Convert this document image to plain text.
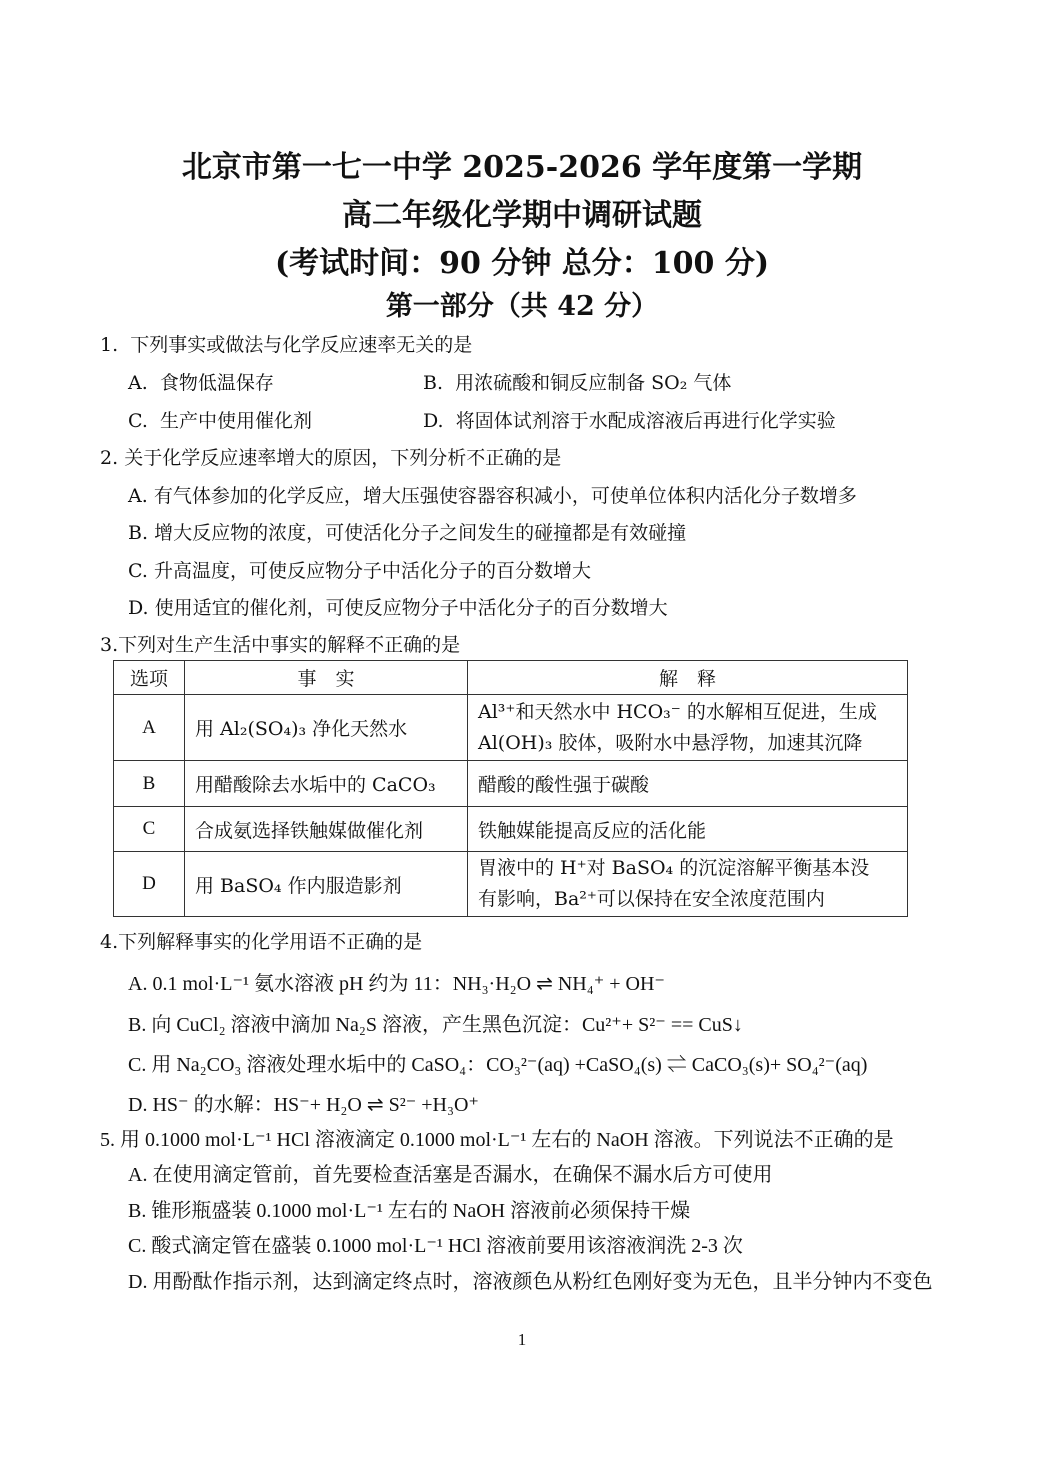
北京市第一七一中学 2025-2026 学年度第一学期
高二年级化学期中调研试题
(考试时间：90 分钟 总分：100 分)
第一部分（共 42 分）
1. 下列事实或做法与化学反应速率无关的是
A. 食物低温保存	B. 用浓硫酸和铜反应制备 SO₂ 气体
C. 生产中使用催化剂	D. 将固体试剂溶于水配成溶液后再进行化学实验
2. 关于化学反应速率增大的原因，下列分析不正确的是
A. 有气体参加的化学反应，增大压强使容器容积减小，可使单位体积内活化分子数增多
B. 增大反应物的浓度，可使活化分子之间发生的碰撞都是有效碰撞
C. 升高温度，可使反应物分子中活化分子的百分数增大
D. 使用适宜的催化剂，可使反应物分子中活化分子的百分数增大
3.下列对生产生活中事实的解释不正确的是
选项	事　实	解　释
A	用 Al₂(SO₄)₃ 净化天然水	Al³⁺和天然水中 HCO₃⁻ 的水解相互促进，生成
Al(OH)₃ 胶体，吸附水中悬浮物，加速其沉降

B	用醋酸除去水垢中的 CaCO₃	醋酸的酸性强于碳酸
C	合成氨选择铁触媒做催化剂	铁触媒能提高反应的活化能
D	用 BaSO₄ 作内服造影剂	胃液中的 H⁺对 BaSO₄ 的沉淀溶解平衡基本没
有影响，Ba²⁺可以保持在安全浓度范围内
4.下列解释事实的化学用语不正确的是
A. 0.1 mol·L⁻¹ 氨水溶液 pH 约为 11：NH₃·H₂O ⇌ NH₄⁺ + OH⁻
B. 向 CuCl₂ 溶液中滴加 Na₂S 溶液，产生黑色沉淀：Cu²⁺+ S²⁻ == CuS↓
C. 用 Na₂CO₃ 溶液处理水垢中的 CaSO₄：CO₃²⁻(aq) +CaSO₄(s) ⇌ CaCO₃(s)+ SO₄²⁻(aq)
D. HS⁻ 的水解：HS⁻+ H₂O ⇌ S²⁻ +H₃O⁺
5. 用 0.1000 mol·L⁻¹ HCl 溶液滴定 0.1000 mol·L⁻¹ 左右的 NaOH 溶液。下列说法不正确的是
A. 在使用滴定管前，首先要检查活塞是否漏水，在确保不漏水后方可使用
B. 锥形瓶盛装 0.1000 mol·L⁻¹ 左右的 NaOH 溶液前必须保持干燥
C. 酸式滴定管在盛装 0.1000 mol·L⁻¹ HCl 溶液前要用该溶液润洗 2-3 次
D. 用酚酞作指示剂，达到滴定终点时，溶液颜色从粉红色刚好变为无色，且半分钟内不变色
1
